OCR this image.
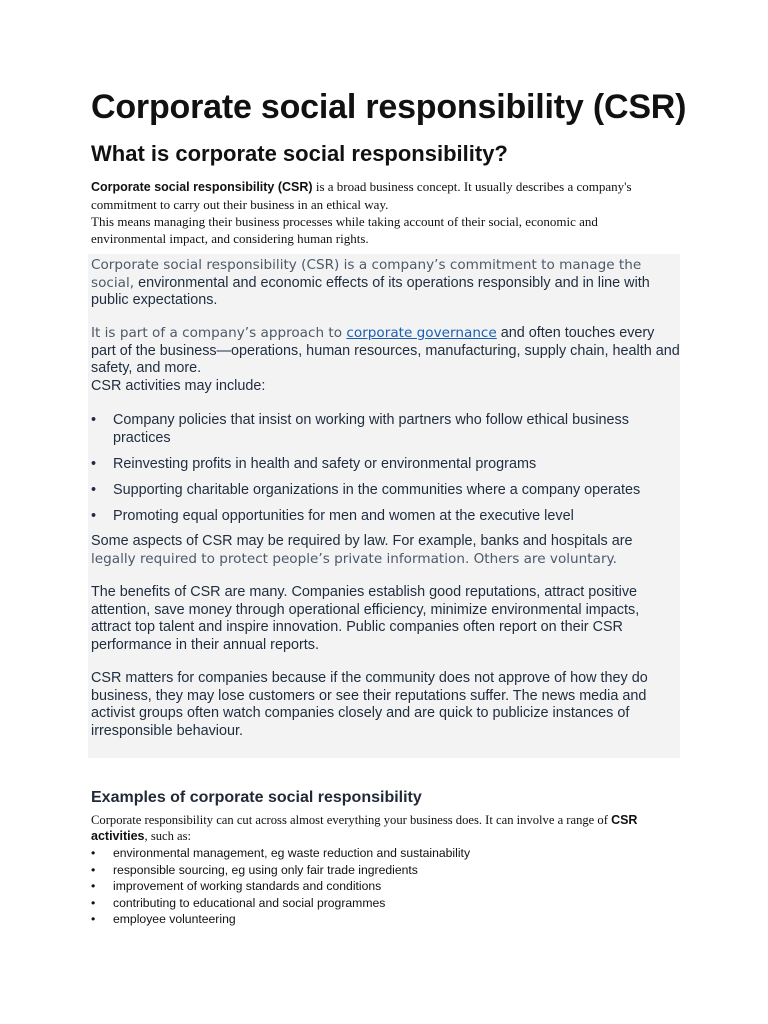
Corporate social responsibility (CSR)
What is corporate social responsibility?

Corporate social responsibility (CSR) is a broad business concept. It usually describes a company's commitment to carry out their business in an ethical way.
This means managing their business processes while taking account of their social, economic and environmental impact, and considering human rights.

Corporate social responsibility (CSR) is a company’s commitment to manage the social, environmental and economic effects of its operations responsibly and in line with public expectations.

It is part of a company’s approach to corporate governance and often touches every part of the business—operations, human resources, manufacturing, supply chain, health and safety, and more.
CSR activities may include:

• Company policies that insist on working with partners who follow ethical business practices
• Reinvesting profits in health and safety or environmental programs
• Supporting charitable organizations in the communities where a company operates
• Promoting equal opportunities for men and women at the executive level

Some aspects of CSR may be required by law. For example, banks and hospitals are
legally required to protect people’s private information. Others are voluntary.

The benefits of CSR are many. Companies establish good reputations, attract positive attention, save money through operational efficiency, minimize environmental impacts, attract top talent and inspire innovation. Public companies often report on their CSR performance in their annual reports.

CSR matters for companies because if the community does not approve of how they do business, they may lose customers or see their reputations suffer. The news media and activist groups often watch companies closely and are quick to publicize instances of irresponsible behaviour.

Examples of corporate social responsibility

Corporate responsibility can cut across almost everything your business does. It can involve a range of CSR activities, such as:

• environmental management, eg waste reduction and sustainability
• responsible sourcing, eg using only fair trade ingredients
• improvement of working standards and conditions
• contributing to educational and social programmes
• employee volunteering
